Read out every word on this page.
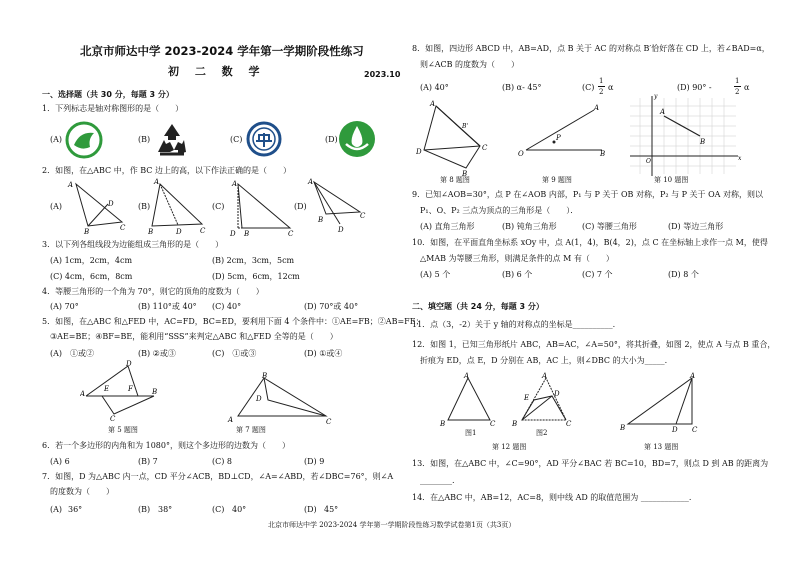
北京市师达中学 2023-2024 学年第一学期阶段性练习
初 二 数 学	2023.10
一、选择题（共 30 分，每题 3 分）
1．下列标志是轴对称图形的是（　　）
(A)	(B)	(C)	(D)
2．如图，在△ABC 中，作 BC 边上的高，以下作法正确的是（　　）
(A)	(B)	(C)	(D)
A
D
B	C
A
B	D	C
A
D B	C
A
B	C
D
3．以下列各组线段为边能组成三角形的是（　　）
(A) 1cm，2cm，4cm	(B) 2cm，3cm，5cm
(C) 4cm，6cm，8cm	(D) 5cm，6cm，12cm
4．等腰三角形的一个角为 70°，则它的顶角的度数为（　　）
(A) 70°	(B) 110°或 40° (C) 40°	(D) 70°或 40°
5．如图，在△ABC 和△FED 中，AC=FD，BC=ED，要利用下面 4 个条件中：①AE=FB；②AB=FE；
③AE=BE；④BF=BE，能利用“SSS”来判定△ABC 和△FED 全等的是（　　）
(A)　①或②	(B) ②或③	(C)　①或③	(D) ①或④
D
A
E	F	B
C
第 5 题图
B
D
A	C
第 7 题图
6．若一个多边形的内角和为 1080°，则这个多边形的边数为（　　）
(A) 6	(B) 7	(C) 8	(D) 9
7．如图，D 为△ABC 内一点，CD 平分∠ACB，BD⊥CD，∠A=∠ABD，若∠DBC=76°，则∠A
的度数为（　　）
(A) 36°	(B) 38°	(C) 40°	(D) 45°
8．如图，四边形 ABCD 中，AB=AD，点 B 关于 AC 的对称点 B′恰好落在 CD 上，若∠BAD=α，
则∠ACB 的度数为（　　）
(A) 40°	(B) α- 45°	(C)
1
2 α	(D) 90° -
1
2 α
A
B'
D	C
B
第 8 题图
O
A
B
P
第 9 题图
x
y
A
B
O
第 10 题图
9．已知∠AOB=30°，点 P 在∠AOB 内部，P₁ 与 P 关于 OB 对称，P₂ 与 P 关于 OA 对称，则以
P₁、O、P₂ 三点为顶点的三角形是（　　）．
(A) 直角三角形	(B) 钝角三角形	(C) 等腰三角形	(D) 等边三角形
10．如图，在平面直角坐标系 xOy 中，点 A(1，4)，B(4，2)，点 C 在坐标轴上求作一点 M，使得
△MAB 为等腰三角形，则满足条件的点 M 有（　　）
(A) 5 个	(B) 6 个	(C) 7 个	(D) 8 个
二、填空题（共 24 分，每题 3 分）
11．点（3，-2）关于 y 轴的对称点的坐标是__________.
12．如图 1，已知三角形纸片 ABC，AB=AC，∠A=50°，将其折叠，如图 2，使点 A 与点 B 重合，
折痕为 ED，点 E，D 分别在 AB，AC 上，则∠DBC 的大小为_____.
A
B	C
图1
A
E	D
B	C
图2
第 12 题图
A
B	D C
第 13 题图
13．如图，在△ABC 中，∠C=90°，AD 平分∠BAC 若 BC=10，BD=7，则点 D 到 AB 的距离为
________.
14．在△ABC 中，AB=12，AC=8，则中线 AD 的取值范围为 ____________.
北京市师达中学 2023-2024 学年第一学期阶段性练习数学试卷第1页（共3页）
